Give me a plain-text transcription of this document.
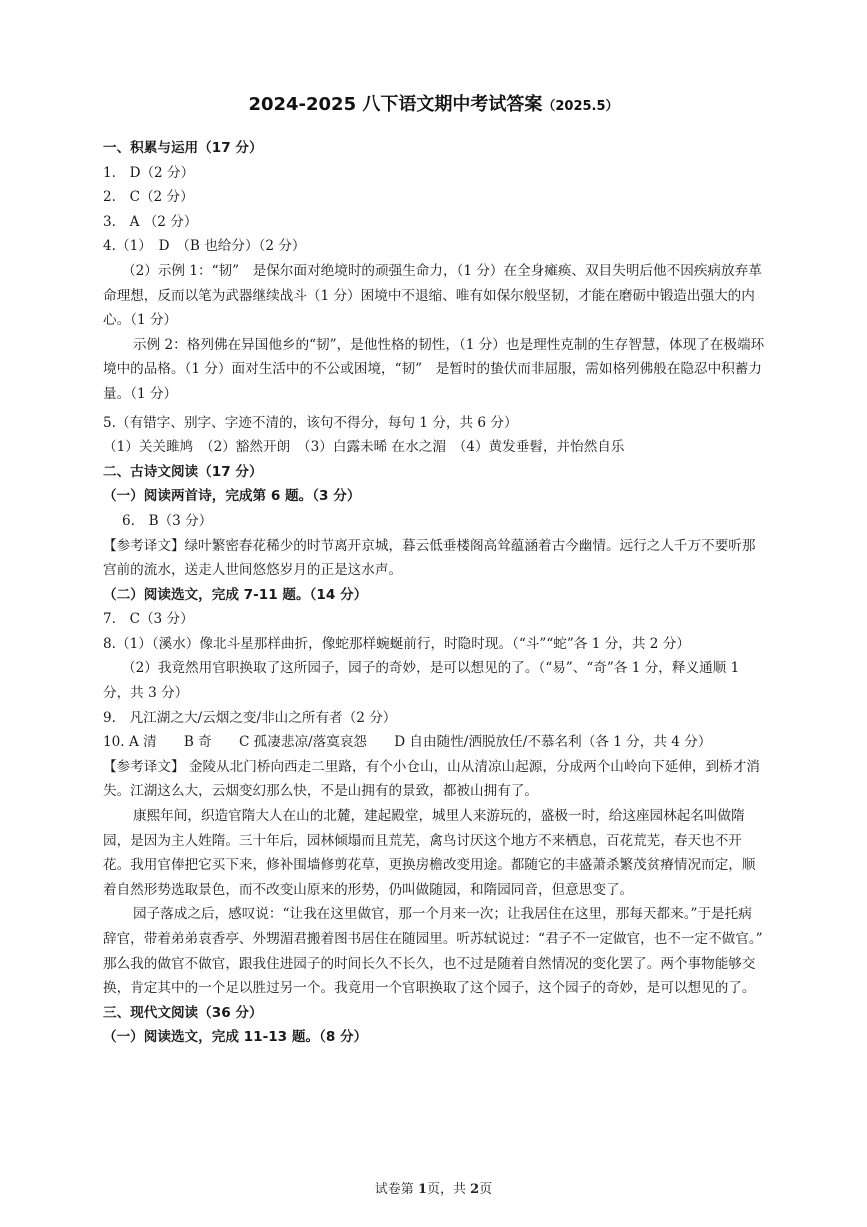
2024-2025 八下语文期中考试答案（2025.5）

一、积累与运用（17 分）

1.　D（2 分）

2.　C（2 分）

3.　A （2 分）

4.（1）　D　（B 也给分）（2 分）

（2）示例 1：“韧”　是保尔面对绝境时的顽强生命力，（1 分）在全身瘫痪、双目失明后他不因疾病放弃革命理想，反而以笔为武器继续战斗（1 分）困境中不退缩、唯有如保尔般坚韧，才能在磨砺中锻造出强大的内心。（1 分）

示例 2：格列佛在异国他乡的“韧”，是他性格的韧性，（1 分）也是理性克制的生存智慧，体现了在极端环境中的品格。（1 分）面对生活中的不公或困境，“韧”　是暂时的蛰伏而非屈服，需如格列佛般在隐忍中积蓄力量。（1 分）

5.（有错字、别字、字迹不清的，该句不得分，每句 1 分，共 6 分）

（1）关关雎鸠　（2）豁然开朗　（3）白露未晞 在水之湄　（4）黄发垂髫，并怡然自乐

二、古诗文阅读（17 分）

（一）阅读两首诗，完成第 6 题。（3 分）

6.　B（3 分）

【参考译文】绿叶繁密春花稀少的时节离开京城，暮云低垂楼阁高耸蕴涵着古今幽情。远行之人千万不要听那宫前的流水，送走人世间悠悠岁月的正是这水声。

（二）阅读选文，完成 7-11 题。（14 分）

7.　C（3 分）

8.（1）（溪水）像北斗星那样曲折，像蛇那样蜿蜒前行，时隐时现。（“斗”“蛇”各 1 分，共 2 分）

（2）我竟然用官职换取了这所园子，园子的奇妙，是可以想见的了。（“易”、“奇”各 1 分，释义通顺 1 分，共 3 分）

9.　凡江湖之大/云烟之变/非山之所有者（2 分）

10. A 清　　B 奇　　C 孤凄悲凉/落寞哀怨　　D 自由随性/洒脱放任/不慕名利（各 1 分，共 4 分）

【参考译文】 金陵从北门桥向西走二里路，有个小仓山，山从清凉山起源，分成两个山岭向下延伸，到桥才消失。江湖这么大，云烟变幻那么快，不是山拥有的景致，都被山拥有了。

康熙年间，织造官隋大人在山的北麓，建起殿堂，城里人来游玩的，盛极一时，给这座园林起名叫做隋园，是因为主人姓隋。三十年后，园林倾塌而且荒芜，禽鸟讨厌这个地方不来栖息，百花荒芜，春天也不开花。我用官俸把它买下来，修补围墙修剪花草，更换房檐改变用途。都随它的丰盛萧杀繁茂贫瘠情况而定，顺着自然形势选取景色，而不改变山原来的形势，仍叫做随园，和隋园同音，但意思变了。

园子落成之后，感叹说：“让我在这里做官，那一个月来一次；让我居住在这里，那每天都来。”于是托病辞官，带着弟弟袁香亭、外甥湄君搬着图书居住在随园里。听苏轼说过：“君子不一定做官，也不一定不做官。” 那么我的做官不做官，跟我住进园子的时间长久不长久，也不过是随着自然情况的变化罢了。两个事物能够交换，肯定其中的一个足以胜过另一个。我竟用一个官职换取了这个园子，这个园子的奇妙，是可以想见的了。

三、现代文阅读（36 分）

（一）阅读选文，完成 11-13 题。（8 分）

试卷第 1页，共 2页
